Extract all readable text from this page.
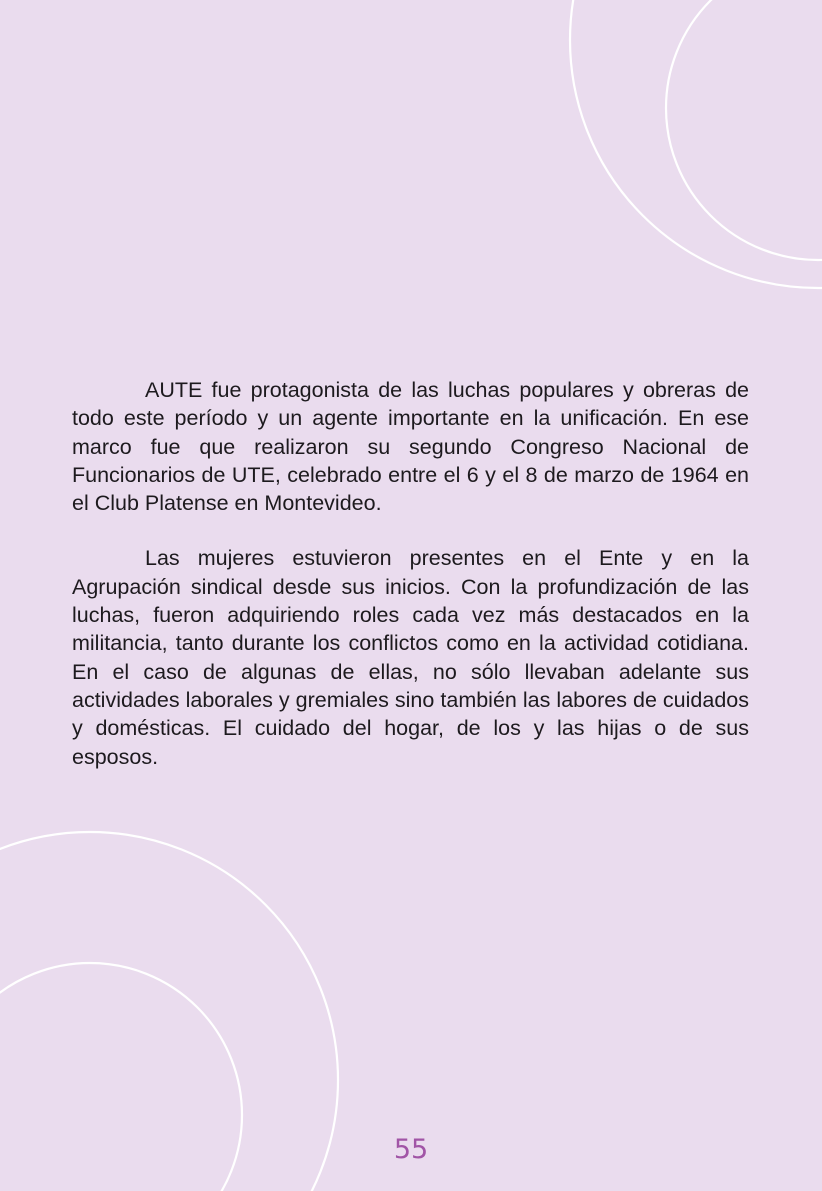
AUTE fue protagonista de las luchas populares y obreras de todo este período y un agente importante en la unificación. En ese marco fue que realizaron su segundo Congreso Nacional de Funcionarios de UTE, celebrado entre el 6 y el 8 de marzo de 1964 en el Club Platense en Montevideo.

Las mujeres estuvieron presentes en el Ente y en la Agrupación sindical desde sus inicios. Con la profundización de las luchas, fueron adquiriendo roles cada vez más destacados en la militancia, tanto durante los conflictos como en la actividad cotidiana. En el caso de algunas de ellas, no sólo llevaban adelante sus actividades laborales y gremiales sino también las labores de cuidados y domésticas. El cuidado del hogar, de los y las hijas o de sus esposos.

55
